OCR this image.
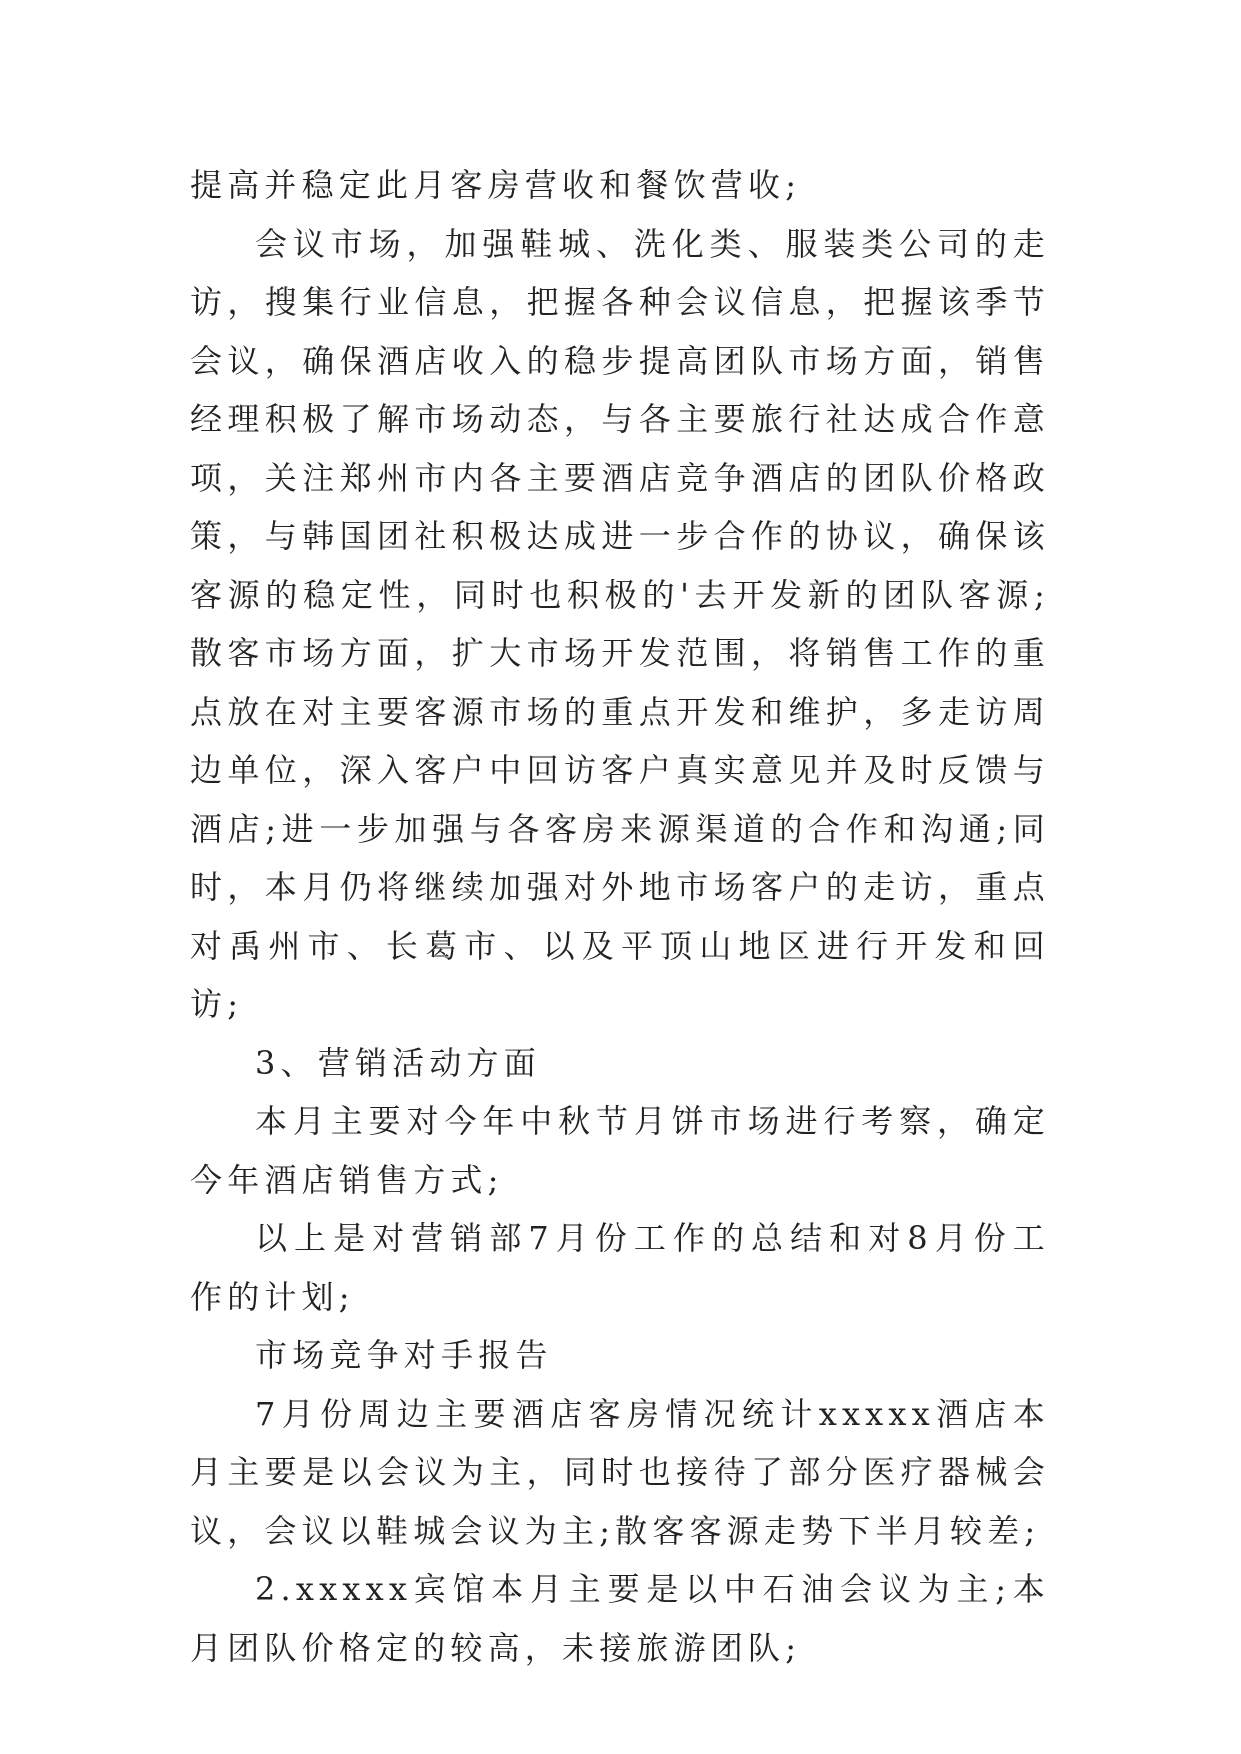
提高并稳定此月客房营收和餐饮营收;

会议市场，加强鞋城、洗化类、服装类公司的走访，搜集行业信息，把握各种会议信息，把握该季节会议，确保酒店收入的稳步提高团队市场方面，销售经理积极了解市场动态，与各主要旅行社达成合作意项，关注郑州市内各主要酒店竞争酒店的团队价格政策，与韩国团社积极达成进一步合作的协议，确保该客源的稳定性，同时也积极的'去开发新的团队客源;散客市场方面，扩大市场开发范围，将销售工作的重点放在对主要客源市场的重点开发和维护，多走访周边单位，深入客户中回访客户真实意见并及时反馈与酒店;进一步加强与各客房来源渠道的合作和沟通;同时，本月仍将继续加强对外地市场客户的走访，重点对禹州市、长葛市、以及平顶山地区进行开发和回访;

3、营销活动方面

本月主要对今年中秋节月饼市场进行考察，确定今年酒店销售方式;

以上是对营销部7月份工作的总结和对8月份工作的计划;

市场竞争对手报告

7月份周边主要酒店客房情况统计xxxxx酒店本月主要是以会议为主，同时也接待了部分医疗器械会议，会议以鞋城会议为主;散客客源走势下半月较差;

2.xxxxx宾馆本月主要是以中石油会议为主;本月团队价格定的较高，未接旅游团队;
